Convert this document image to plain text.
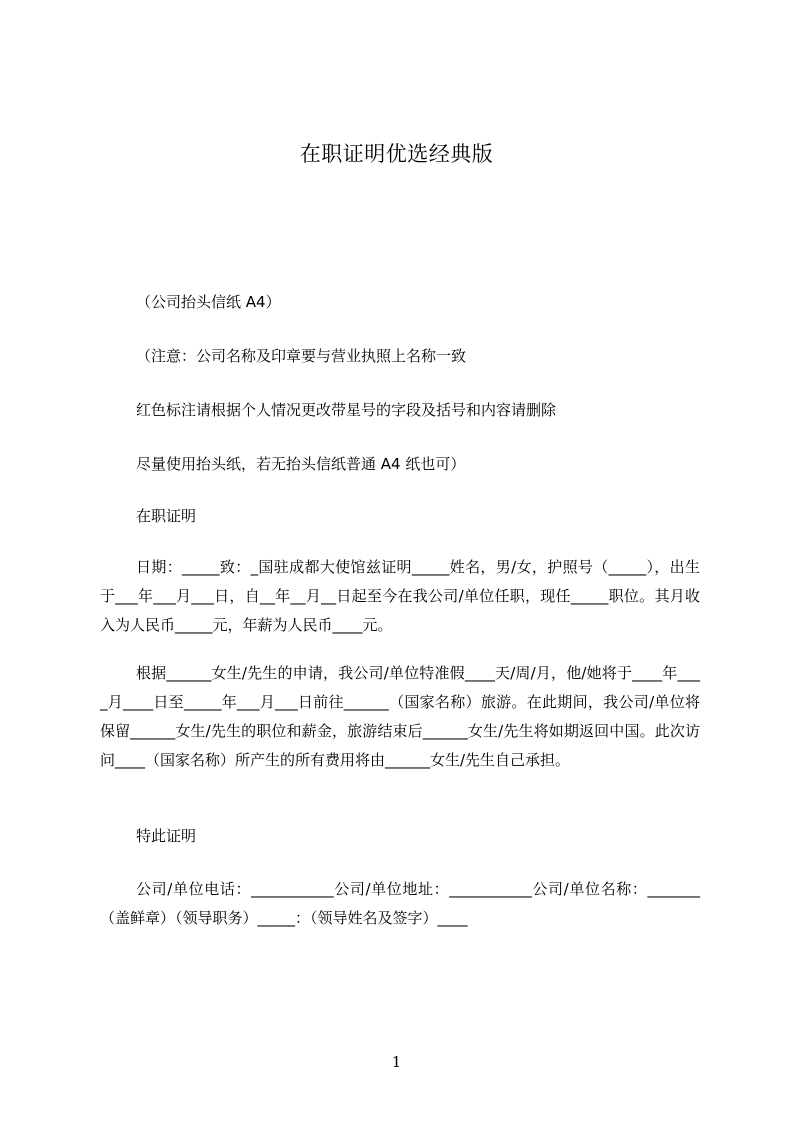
在职证明优选经典版
（公司抬头信纸 A4）
（注意：公司名称及印章要与营业执照上名称一致
红色标注请根据个人情况更改带星号的字段及括号和内容请删除
尽量使用抬头纸，若无抬头信纸普通 A4 纸也可）
在职证明
日期：_____致：_国驻成都大使馆兹证明_____姓名，男/女，护照号（_____），出生于___年___月___日，自__年__月__日起至今在我公司/单位任职，现任_____职位。其月收入为人民币_____元，年薪为人民币____元。
根据______女生/先生的申请，我公司/单位特准假____天/周/月，他/她将于____年____月____日至_____年___月___日前往______（国家名称）旅游。在此期间，我公司/单位将保留______女生/先生的职位和薪金，旅游结束后______女生/先生将如期返回中国。此次访问____（国家名称）所产生的所有费用将由______女生/先生自己承担。
特此证明
公司/单位电话：___________公司/单位地址：___________公司/单位名称：_______（盖鲜章）（领导职务）_____：（领导姓名及签字）____
1
